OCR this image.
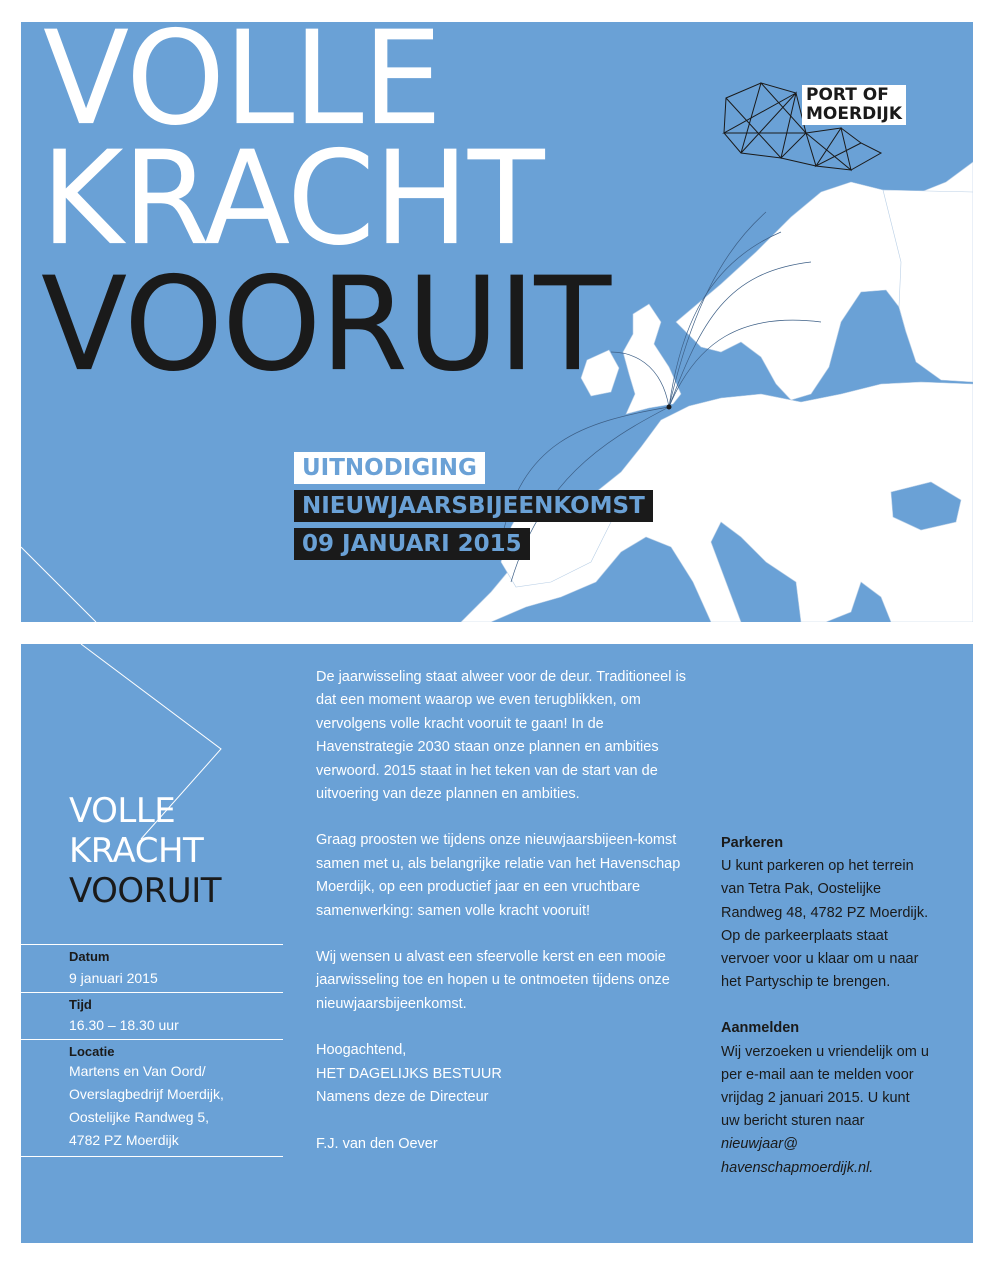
VOLLE
KRACHT
VOORUIT
PORT OF
MOERDIJK
UITNODIGING
NIEUWJAARSBIJEENKOMST
09 JANUARI 2015
VOLLE
KRACHT
VOORUIT
Datum
9 januari 2015
Tijd
16.30 – 18.30 uur
Locatie
Martens en Van Oord/
Overslagbedrijf Moerdijk,
Oostelijke Randweg 5,
4782 PZ Moerdijk

De jaarwisseling staat alweer voor de deur. Traditioneel is dat een moment waarop we even terugblikken, om vervolgens volle kracht vooruit te gaan! In de Havenstrategie 2030 staan onze plannen en ambities verwoord. 2015 staat in het teken van de start van de uitvoering van deze plannen en ambities.

Graag proosten we tijdens onze nieuwjaarsbijeen-komst samen met u, als belangrijke relatie van het Havenschap Moerdijk, op een productief jaar en een vruchtbare samenwerking: samen volle kracht vooruit!

Wij wensen u alvast een sfeervolle kerst en een mooie jaarwisseling toe en hopen u te ontmoeten tijdens onze nieuwjaarsbijeenkomst.

Hoogachtend,
HET DAGELIJKS BESTUUR
Namens deze de Directeur
F.J. van den Oever
Parkeren
U kunt parkeren op het terrein van Tetra Pak, Oostelijke Randweg 48, 4782 PZ Moerdijk. Op de parkeerplaats staat vervoer voor u klaar om u naar het Partyschip te brengen.
Aanmelden
Wij verzoeken u vriendelijk om u per e-mail aan te melden voor vrijdag 2 januari 2015. U kunt uw bericht sturen naar nieuwjaar@ havenschapmoerdijk.nl.
